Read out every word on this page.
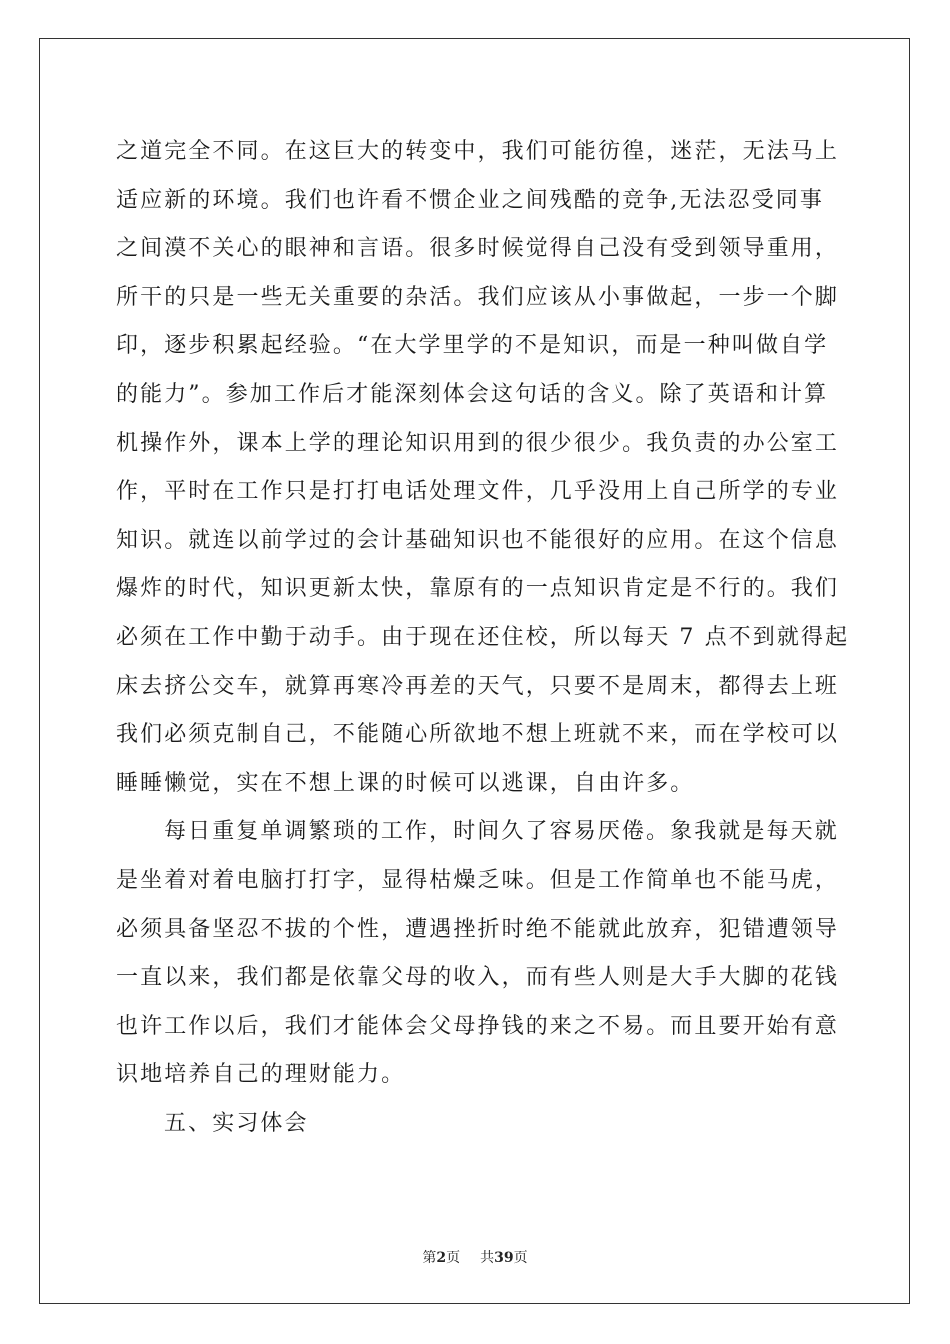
之道完全不同。在这巨大的转变中，我们可能彷徨，迷茫，无法马上
适应新的环境。我们也许看不惯企业之间残酷的竞争,无法忍受同事
之间漠不关心的眼神和言语。很多时候觉得自己没有受到领导重用，
所干的只是一些无关重要的杂活。我们应该从小事做起，一步一个脚
印，逐步积累起经验。“在大学里学的不是知识，而是一种叫做自学
的能力”。参加工作后才能深刻体会这句话的含义。除了英语和计算
机操作外，课本上学的理论知识用到的很少很少。我负责的办公室工
作，平时在工作只是打打电话处理文件，几乎没用上自己所学的专业
知识。就连以前学过的会计基础知识也不能很好的应用。在这个信息
爆炸的时代，知识更新太快，靠原有的一点知识肯定是不行的。我们
必须在工作中勤于动手。由于现在还住校，所以每天 7 点不到就得起
床去挤公交车，就算再寒冷再差的天气，只要不是周末，都得去上班
我们必须克制自己，不能随心所欲地不想上班就不来，而在学校可以
睡睡懒觉，实在不想上课的时候可以逃课，自由许多。
每日重复单调繁琐的工作，时间久了容易厌倦。象我就是每天就
是坐着对着电脑打打字，显得枯燥乏味。但是工作简单也不能马虎，
必须具备坚忍不拔的个性，遭遇挫折时绝不能就此放弃，犯错遭领导
一直以来，我们都是依靠父母的收入，而有些人则是大手大脚的花钱
也许工作以后，我们才能体会父母挣钱的来之不易。而且要开始有意
识地培养自己的理财能力。
五、实习体会
第2页 共39页
